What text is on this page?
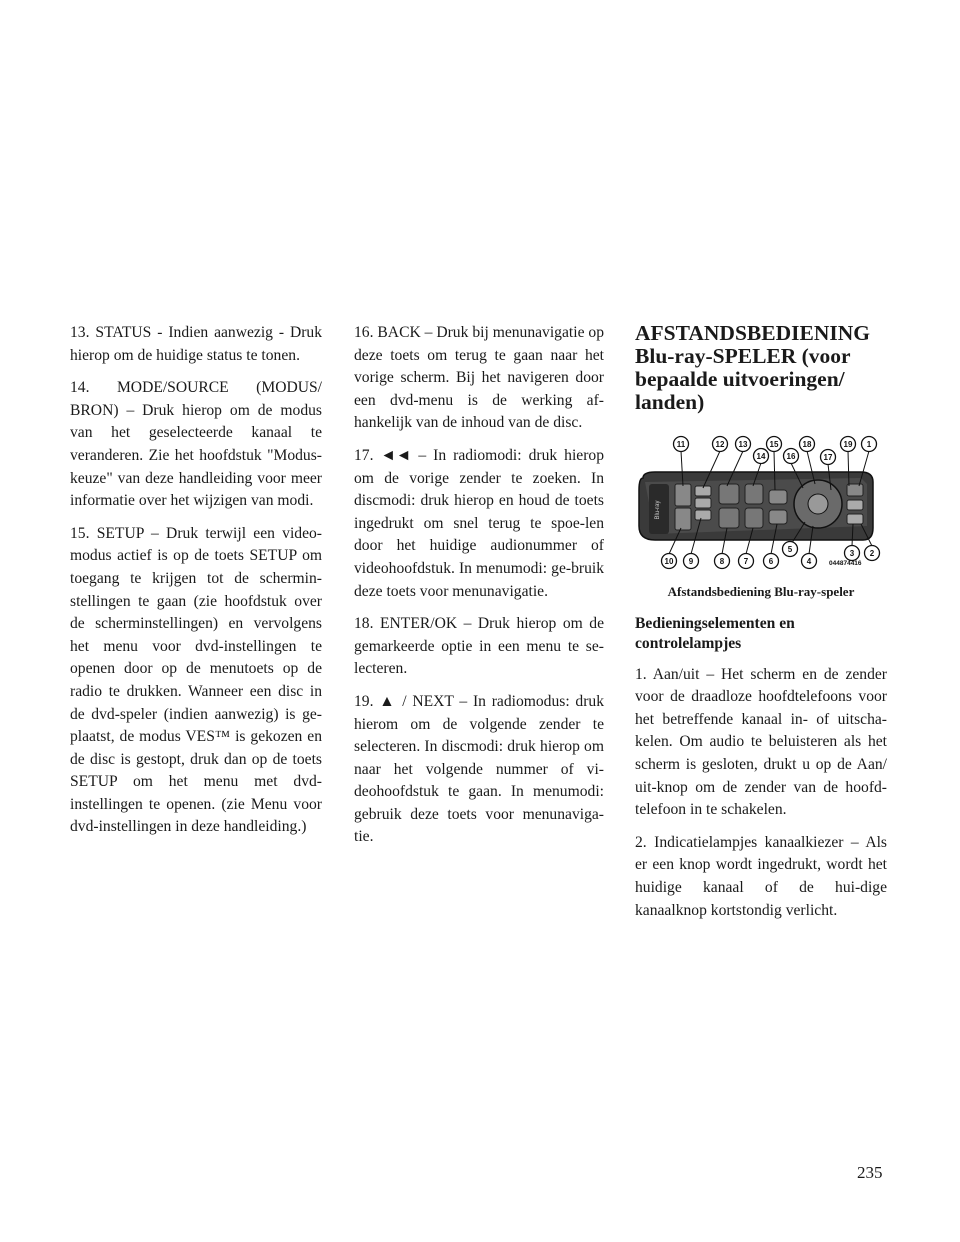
13. STATUS - Indien aanwezig - Druk hierop om de huidige status te tonen.

14. MODE/SOURCE (MODUS/ BRON) – Druk hierop om de modus van het geselecteerde kanaal te veranderen. Zie het hoofdstuk "Modus-keuze" van deze handleiding voor meer informatie over het wijzigen van modi.

15. SETUP – Druk terwijl een video-modus actief is op de toets SETUP om toegang te krijgen tot de schermin-stellingen te gaan (zie hoofdstuk over de scherminstellingen) en vervolgens het menu voor dvd-instellingen te openen door op de menutoets op de radio te drukken. Wanneer een disc in de dvd-speler (indien aanwezig) is ge-plaatst, de modus VES™ is gekozen en de disc is gestopt, druk dan op de toets SETUP om het menu met dvd-instellingen te openen. (zie Menu voor dvd-instellingen in deze handleiding.)

16. BACK – Druk bij menunavigatie op deze toets om terug te gaan naar het vorige scherm. Bij het navigeren door een dvd-menu is de werking af-hankelijk van de inhoud van de disc.

17. ◄◄ – In radiomodi: druk hierop om de vorige zender te zoeken. In discmodi: druk hierop en houd de toets ingedrukt om snel terug te spoe-len door het huidige audionummer of videohoofdstuk. In menumodi: ge-bruik deze toets voor menunavigatie.

18. ENTER/OK – Druk hierop om de gemarkeerde optie in een menu te se-lecteren.

19. ▲ / NEXT – In radiomodus: druk hierom om de volgende zender te selecteren. In discmodi: druk hierop om naar het volgende nummer of vi-deohoofdstuk te gaan. In menumodi: gebruik deze toets voor menunaviga-tie.

AFSTANDSBEDIENING Blu-ray-SPELER (voor bepaalde uitvoeringen/ landen)
Blu-ray
11	12 13
14
15
16
18
17
19 1
10 9	8 7	6
5
4
3 2
044874416
Afstandsbediening Blu-ray-speler
Bedieningselementen en controlelampjes

1. Aan/uit – Het scherm en de zender voor de draadloze hoofdtelefoons voor het betreffende kanaal in- of uitscha-kelen. Om audio te beluisteren als het scherm is gesloten, drukt u op de Aan/ uit-knop om de zender van de hoofd-telefoon in te schakelen.

2. Indicatielampjes kanaalkiezer – Als er een knop wordt ingedrukt, wordt het huidige kanaal of de hui-dige kanaalknop kortstondig verlicht.

235
